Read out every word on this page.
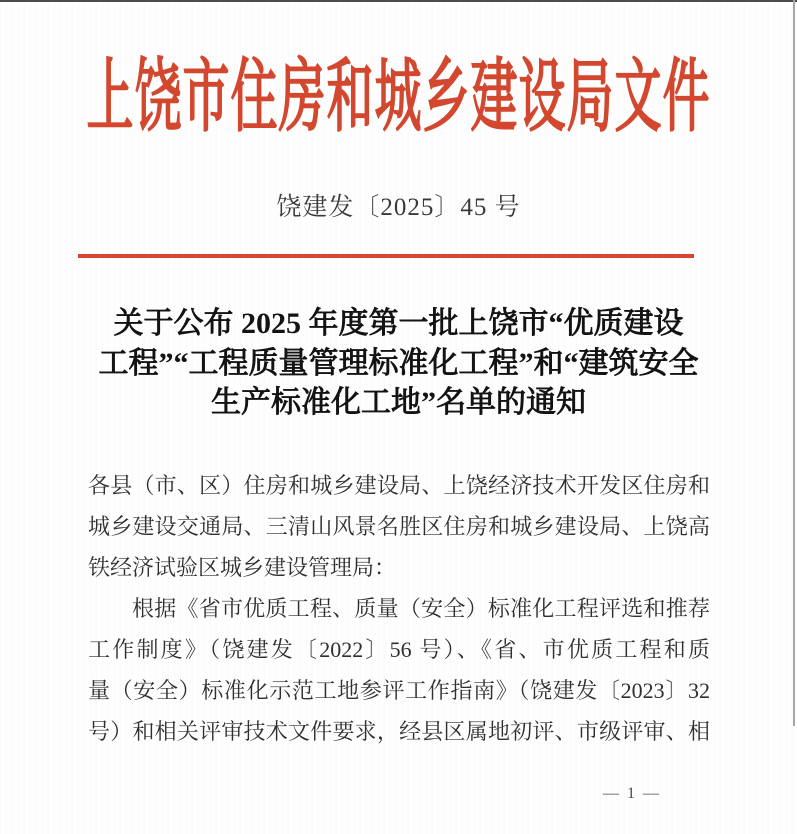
上饶市住房和城乡建设局文件
饶建发〔2025〕45 号
关于公布 2025 年度第一批上饶市“优质建设
工程”“工程质量管理标准化工程”和“建筑安全
生产标准化工地”名单的通知
各县（市、区）住房和城乡建设局、上饶经济技术开发区住房和
城乡建设交通局、三清山风景名胜区住房和城乡建设局、上饶高
铁经济试验区城乡建设管理局：
根据《省市优质工程、质量（安全）标准化工程评选和推荐
工作制度》（饶建发〔2022〕56 号）、《省、市优质工程和质
量（安全）标准化示范工地参评工作指南》（饶建发〔2023〕32
号）和相关评审技术文件要求，经县区属地初评、市级评审、相
— 1 —
